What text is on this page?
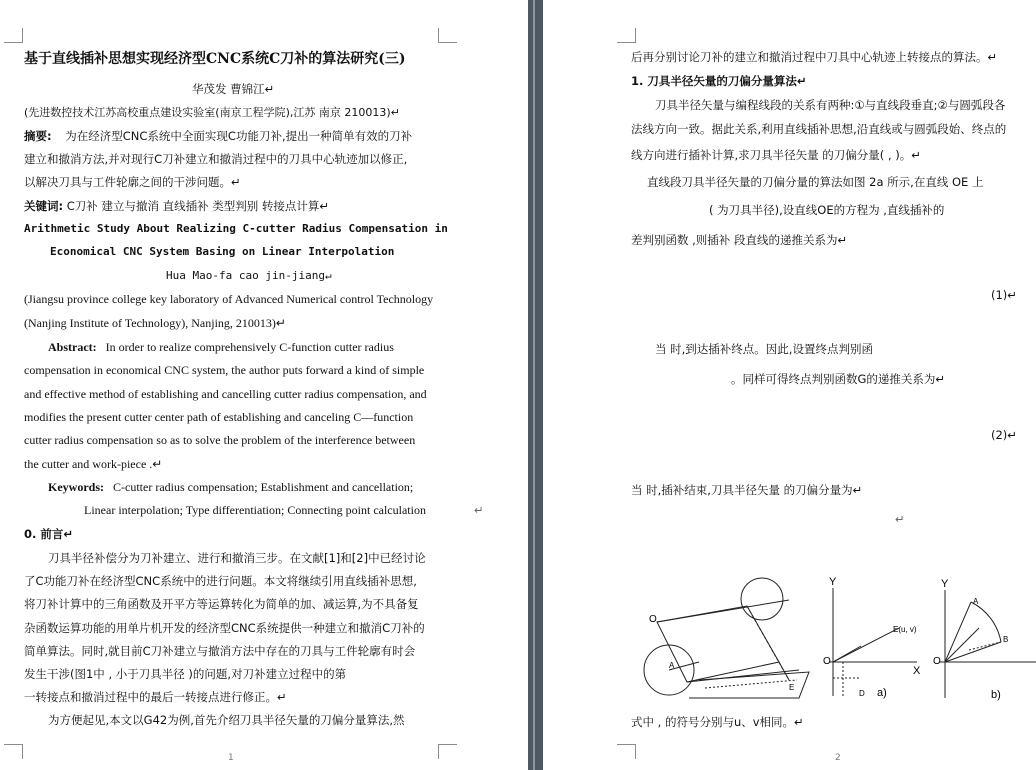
基于直线插补思想实现经济型CNC系统C刀补的算法研究(三)
华茂发 曹锦江↵
(先进数控技术江苏高校重点建设实验室(南京工程学院),江苏 南京 210013)↵
摘要: 为在经济型CNC系统中全面实现C功能刀补,提出一种简单有效的刀补
建立和撤消方法,并对现行C刀补建立和撤消过程中的刀具中心轨迹加以修正,
以解决刀具与工件轮廓之间的干涉问题。↵
关键词: C刀补 建立与撤消 直线插补 类型判别 转接点计算↵
Arithmetic Study About Realizing C-cutter Radius Compensation in
Economical CNC System Basing on Linear Interpolation
Hua Mao-fa cao jin-jiang↵
(Jiangsu province college key laboratory of Advanced Numerical control Technology
(Nanjing Institute of Technology), Nanjing, 210013)↵
Abstract: In order to realize comprehensively C-function cutter radius
compensation in economical CNC system, the author puts forward a kind of simple
and effective method of establishing and cancelling cutter radius compensation, and
modifies the present cutter center path of establishing and canceling C—function
cutter radius compensation so as to solve the problem of the interference between
the cutter and work-piece .↵
Keywords: C-cutter radius compensation; Establishment and cancellation;
Linear interpolation; Type differentiation; Connecting point calculation	↵
0. 前言↵
刀具半径补偿分为刀补建立、进行和撤消三步。在文献[1]和[2]中已经讨论
了C功能刀补在经济型CNC系统中的进行问题。本文将继续引用直线插补思想,
将刀补计算中的三角函数及开平方等运算转化为简单的加、减运算,为不具备复
杂函数运算功能的用单片机开发的经济型CNC系统提供一种建立和撤消C刀补的
简单算法。同时,就目前C刀补建立与撤消方法中存在的刀具与工件轮廓有时会
发生干涉(图1中 , 小于刀具半径 )的问题,对刀补建立过程中的第
一转接点和撤消过程中的最后一转接点进行修正。↵
为方便起见,本文以G42为例,首先介绍刀具半径矢量的刀偏分量算法,然
1
后再分别讨论刀补的建立和撤消过程中刀具中心轨迹上转接点的算法。↵
1. 刀具半径矢量的刀偏分量算法↵
刀具半径矢量与编程线段的关系有两种:①与直线段垂直;②与圆弧段各
法线方向一致。据此关系,利用直线插补思想,沿直线或与圆弧段始、终点的
线方向进行插补计算,求刀具半径矢量 的刀偏分量( , )。↵
直线段刀具半径矢量的刀偏分量的算法如图 2a 所示,在直线 OE 上
( 为刀具半径),设直线OE的方程为 ,直线插补的
差判别函数 ,则插补 段直线的递推关系为↵
(1)↵
当 时,到达插补终点。因此,设置终点判别函
。同样可得终点判别函数G的递推关系为↵
(2)↵
当 时,插补结束,刀具半径矢量 的刀偏分量为↵
↵
O
A
E
Y
X
O
E(u, v)
D a)
Y
O
A
B
b)
式中 , 的符号分别与u、v相同。↵
2
